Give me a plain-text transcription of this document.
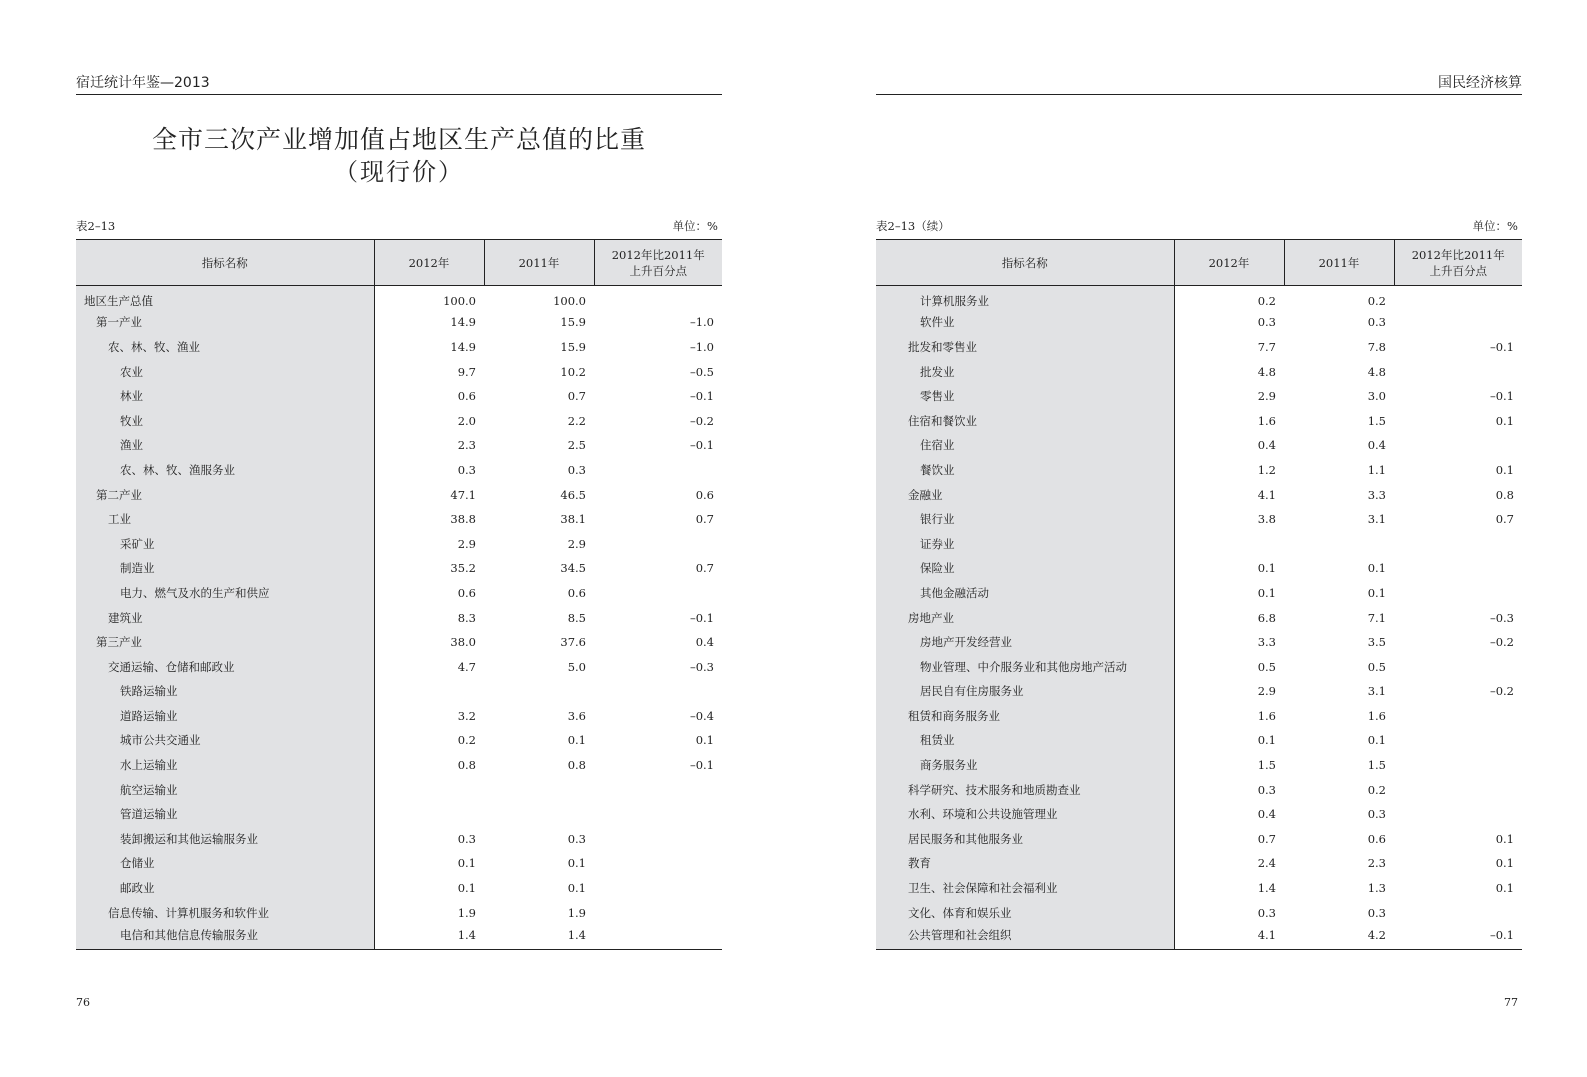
宿迁统计年鉴—2013
全市三次产业增加值占地区生产总值的比重
（现行价）
表2–13	单位：%
指标名称	2012年	2011年	2012年比2011年
上升百分点

地区生产总值	100.0	100.0	
第一产业	14.9	15.9	–1.0
农、林、牧、渔业	14.9	15.9	–1.0
农业	9.7	10.2	–0.5
林业	0.6	0.7	–0.1
牧业	2.0	2.2	–0.2
渔业	2.3	2.5	–0.1
农、林、牧、渔服务业	0.3	0.3	
第二产业	47.1	46.5	0.6
工业	38.8	38.1	0.7
采矿业	2.9	2.9	
制造业	35.2	34.5	0.7
电力、燃气及水的生产和供应	0.6	0.6	
建筑业	8.3	8.5	–0.1
第三产业	38.0	37.6	0.4
交通运输、仓储和邮政业	4.7	5.0	–0.3
铁路运输业			
道路运输业	3.2	3.6	–0.4
城市公共交通业	0.2	0.1	0.1
水上运输业	0.8	0.8	–0.1
航空运输业			
管道运输业			
装卸搬运和其他运输服务业	0.3	0.3	
仓储业	0.1	0.1	
邮政业	0.1	0.1	
信息传输、计算机服务和软件业	1.9	1.9	
电信和其他信息传输服务业	1.4	1.4	
76
国民经济核算
表2–13（续）	单位：%
指标名称	2012年	2011年	2012年比2011年
上升百分点

计算机服务业	0.2	0.2	
软件业	0.3	0.3	
批发和零售业	7.7	7.8	–0.1
批发业	4.8	4.8	
零售业	2.9	3.0	–0.1
住宿和餐饮业	1.6	1.5	0.1
住宿业	0.4	0.4	
餐饮业	1.2	1.1	0.1
金融业	4.1	3.3	0.8
银行业	3.8	3.1	0.7
证券业			
保险业	0.1	0.1	
其他金融活动	0.1	0.1	
房地产业	6.8	7.1	–0.3
房地产开发经营业	3.3	3.5	–0.2
物业管理、中介服务业和其他房地产活动	0.5	0.5	
居民自有住房服务业	2.9	3.1	–0.2
租赁和商务服务业	1.6	1.6	
租赁业	0.1	0.1	
商务服务业	1.5	1.5	
科学研究、技术服务和地质勘查业	0.3	0.2	
水利、环境和公共设施管理业	0.4	0.3	
居民服务和其他服务业	0.7	0.6	0.1
教育	2.4	2.3	0.1
卫生、社会保障和社会福利业	1.4	1.3	0.1
文化、体育和娱乐业	0.3	0.3	
公共管理和社会组织	4.1	4.2	–0.1
77
